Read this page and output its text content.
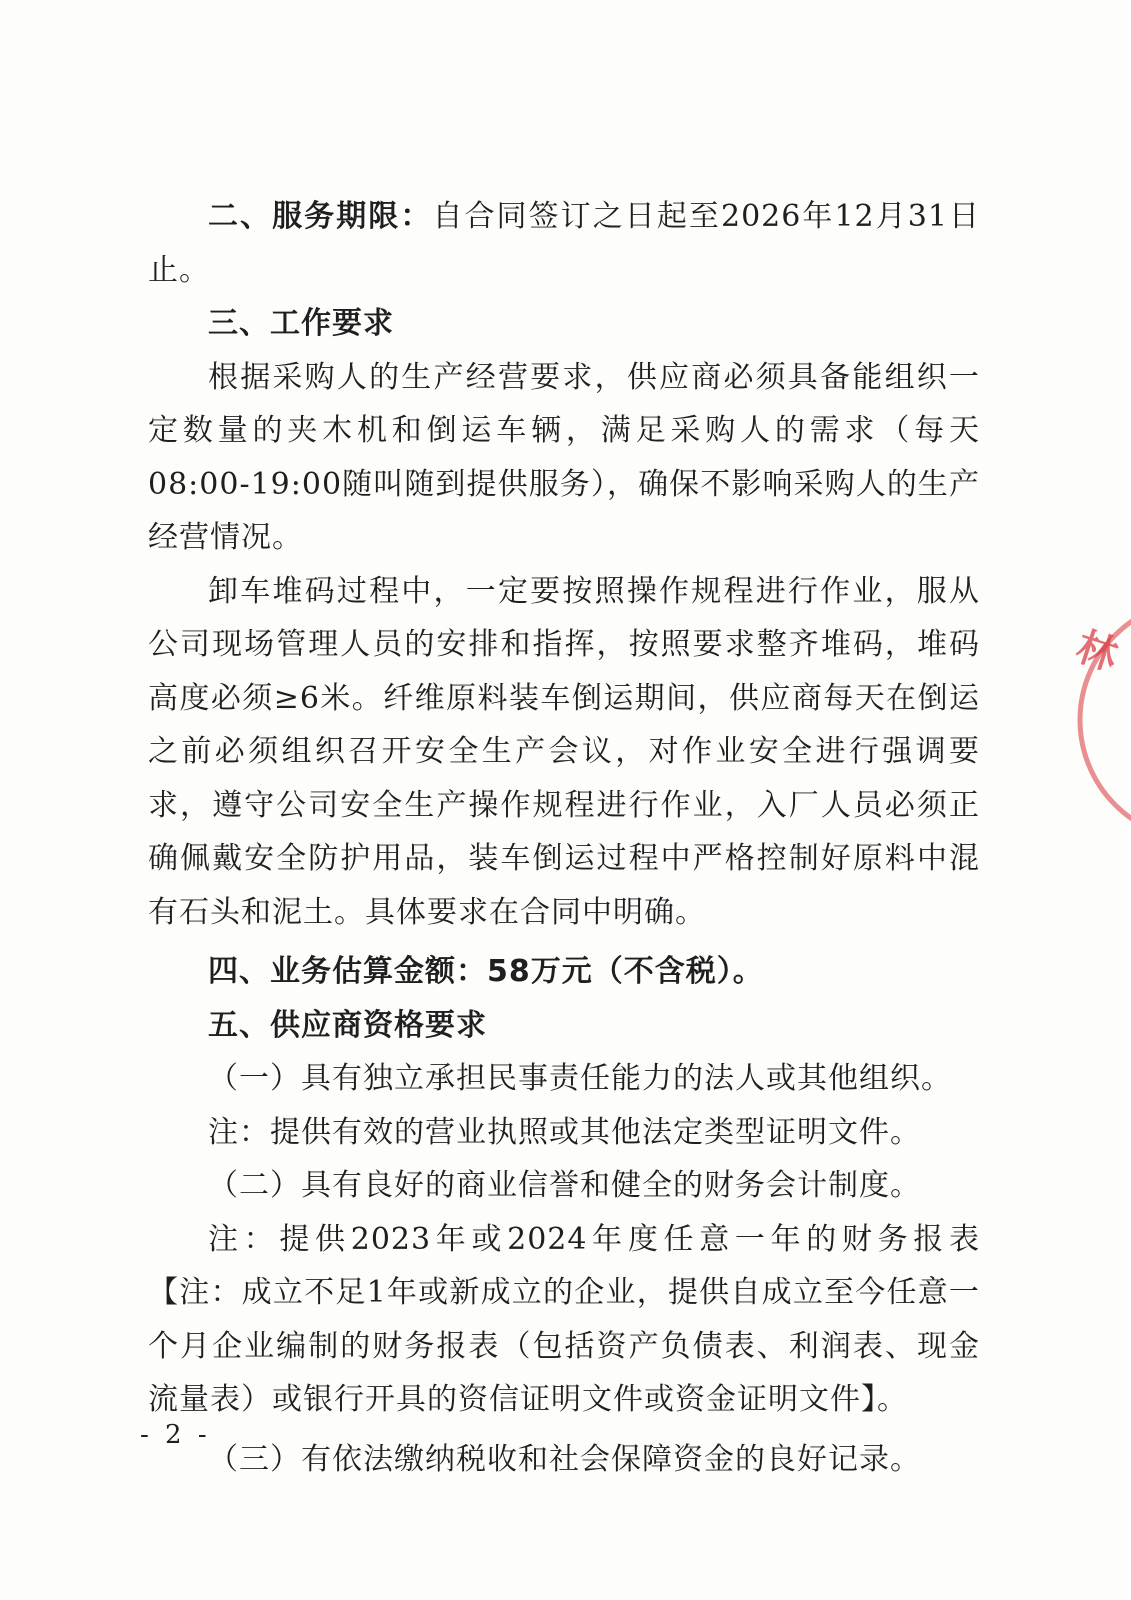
二、服务期限：自合同签订之日起至2026年12月31日止。

三、工作要求

根据采购人的生产经营要求，供应商必须具备能组织一定数量的夹木机和倒运车辆，满足采购人的需求（每天08:00-19:00随叫随到提供服务），确保不影响采购人的生产经营情况。

卸车堆码过程中，一定要按照操作规程进行作业，服从公司现场管理人员的安排和指挥，按照要求整齐堆码，堆码高度必须≥6米。纤维原料装车倒运期间，供应商每天在倒运之前必须组织召开安全生产会议，对作业安全进行强调要求，遵守公司安全生产操作规程进行作业，入厂人员必须正确佩戴安全防护用品，装车倒运过程中严格控制好原料中混有石头和泥土。具体要求在合同中明确。

四、业务估算金额：58万元（不含税）。

五、供应商资格要求

（一）具有独立承担民事责任能力的法人或其他组织。

注：提供有效的营业执照或其他法定类型证明文件。

（二）具有良好的商业信誉和健全的财务会计制度。

注：提供2023年或2024年度任意一年的财务报表【注：成立不足1年或新成立的企业，提供自成立至今任意一个月企业编制的财务报表（包括资产负债表、利润表、现金流量表）或银行开具的资信证明文件或资金证明文件】。

（三）有依法缴纳税收和社会保障资金的良好记录。

林
- 2 -
